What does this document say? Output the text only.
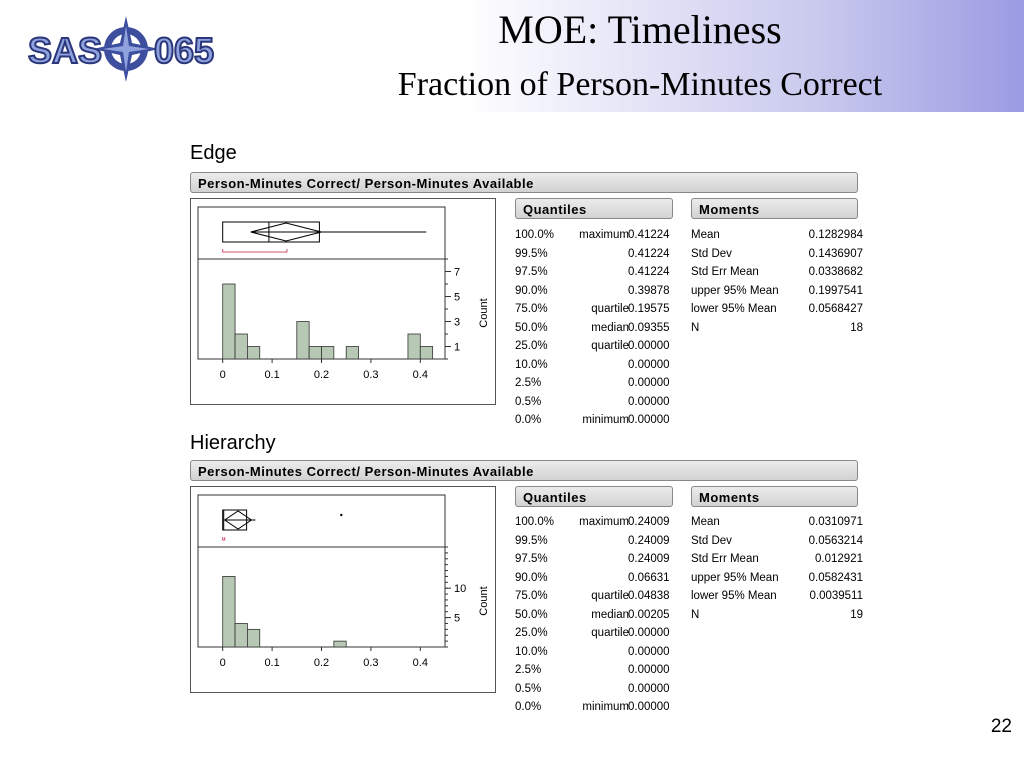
SAS 065	MOE: Timeliness
Fraction of Person-Minutes Correct
Edge
Person-Minutes Correct/ Person-Minutes Available
0	0.1	0.2	0.3	0.4
1
3
5
7
Count
Quantiles	Moments
100.0% maximum 0.41224
99.5%	0.41224
97.5%	0.41224
90.0%	0.39878
75.0%	quartile 0.19575
50.0%	median 0.09355
25.0%	quartile 0.00000
10.0%	0.00000
2.5%	0.00000
0.5%	0.00000
0.0%	minimum 0.00000
Mean	0.1282984
Std Dev	0.1436907
Std Err Mean	0.0338682
upper 95% Mean	0.1997541
lower 95% Mean	0.0568427
N	18
Hierarchy
Person-Minutes Correct/ Person-Minutes Available
0	0.1	0.2	0.3	0.4
5
10 Count
Quantiles	Moments
100.0% maximum 0.24009
99.5%	0.24009
97.5%	0.24009
90.0%	0.06631
75.0%	quartile 0.04838
50.0%	median 0.00205
25.0%	quartile 0.00000
10.0%	0.00000
2.5%	0.00000
0.5%	0.00000
0.0%	minimum 0.00000
Mean	0.0310971
Std Dev	0.0563214
Std Err Mean	0.012921
upper 95% Mean	0.0582431
lower 95% Mean	0.0039511
N	19
22
